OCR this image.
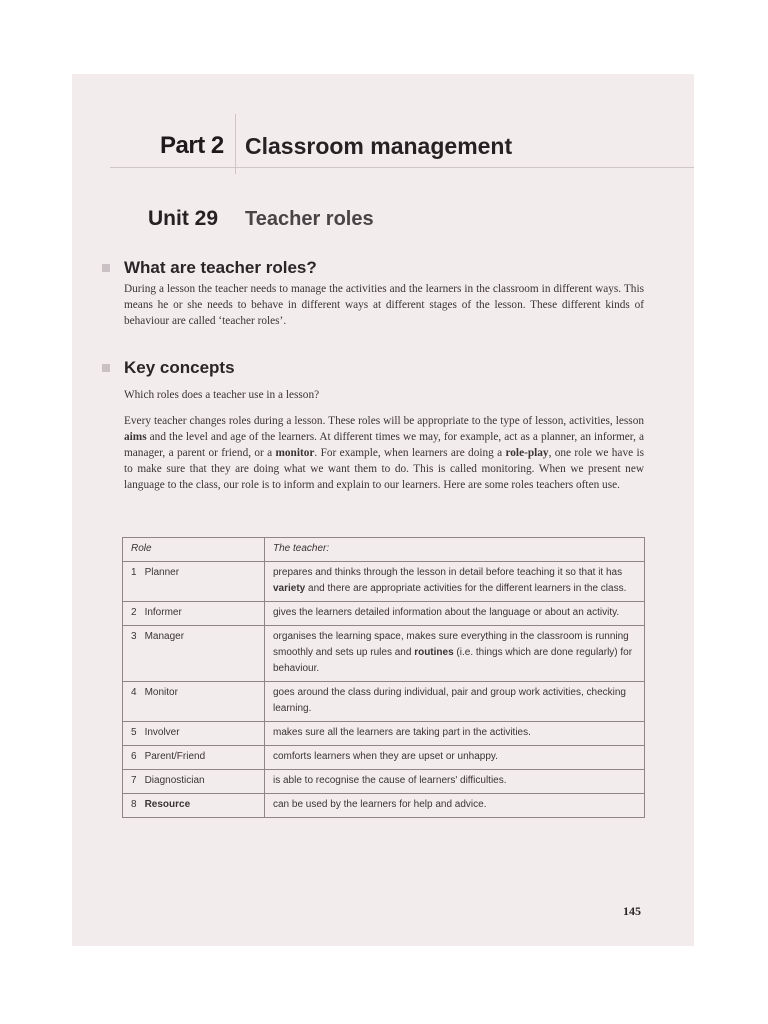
Part 2 Classroom management
Unit 29 Teacher roles
What are teacher roles?

During a lesson the teacher needs to manage the activities and the learners in the classroom in different ways. This means he or she needs to behave in different ways at different stages of the lesson. These different kinds of behaviour are called ‘teacher roles’.

Key concepts

Which roles does a teacher use in a lesson?

Every teacher changes roles during a lesson. These roles will be appropriate to the type of lesson, activities, lesson aims and the level and age of the learners. At different times we may, for example, act as a planner, an informer, a manager, a parent or friend, or a monitor. For example, when learners are doing a role-play, one role we have is to make sure that they are doing what we want them to do. This is called monitoring. When we present new language to the class, our role is to inform and explain to our learners. Here are some roles teachers often use.

Role	The teacher:
1 Planner	prepares and thinks through the lesson in detail before teaching it so that it has variety and there are appropriate activities for the different learners in the class.
2 Informer	gives the learners detailed information about the language or about an activity.
3 Manager	organises the learning space, makes sure everything in the classroom is running smoothly and sets up rules and routines (i.e. things which are done regularly) for behaviour.
4 Monitor	goes around the class during individual, pair and group work activities, checking learning.
5 Involver	makes sure all the learners are taking part in the activities.
6 Parent/Friend	comforts learners when they are upset or unhappy.
7 Diagnostician	is able to recognise the cause of learners' difficulties.
8 Resource	can be used by the learners for help and advice.

145
